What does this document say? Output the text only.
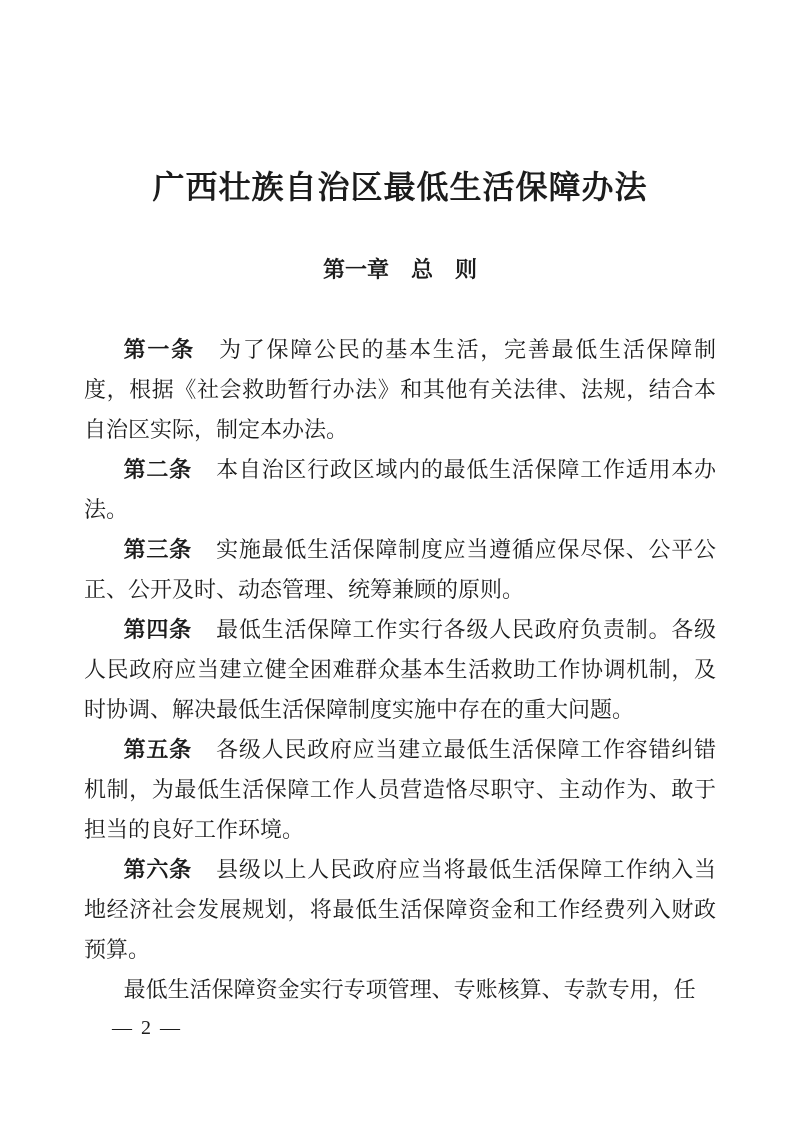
广西壮族自治区最低生活保障办法
第一章　总　则

第一条 为了保障公民的基本生活，完善最低生活保障制度，根据《社会救助暂行办法》和其他有关法律、法规，结合本自治区实际，制定本办法。

第二条 本自治区行政区域内的最低生活保障工作适用本办法。

第三条 实施最低生活保障制度应当遵循应保尽保、公平公正、公开及时、动态管理、统筹兼顾的原则。

第四条 最低生活保障工作实行各级人民政府负责制。各级人民政府应当建立健全困难群众基本生活救助工作协调机制，及时协调、解决最低生活保障制度实施中存在的重大问题。

第五条 各级人民政府应当建立最低生活保障工作容错纠错机制，为最低生活保障工作人员营造恪尽职守、主动作为、敢于担当的良好工作环境。

第六条 县级以上人民政府应当将最低生活保障工作纳入当地经济社会发展规划，将最低生活保障资金和工作经费列入财政预算。

最低生活保障资金实行专项管理、专账核算、专款专用，任

— 2 —
